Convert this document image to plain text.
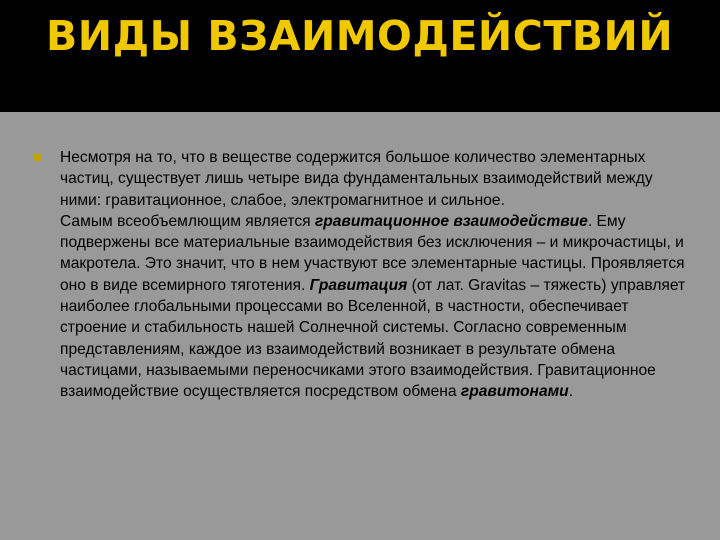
ВИДЫ ВЗАИМОДЕЙСТВИЙ

Несмотря на то, что в веществе содержится большое количество элементарных частиц, существует лишь четыре вида фундаментальных взаимодействий между ними: гравитационное, слабое, электромагнитное и сильное.
Самым всеобъемлющим является гравитационное взаимодействие. Ему подвержены все материальные взаимодействия без исключения – и микрочастицы, и макротела. Это значит, что в нем участвуют все элементарные частицы. Проявляется оно в виде всемирного тяготения. Гравитация (от лат. Gravitas – тяжесть) управляет наиболее глобальными процессами во Вселенной, в частности, обеспечивает строение и стабильность нашей Солнечной системы. Согласно современным представлениям, каждое из взаимодействий возникает в результате обмена частицами, называемыми переносчиками этого взаимодействия. Гравитационное взаимодействие осуществляется посредством обмена гравитонами.
